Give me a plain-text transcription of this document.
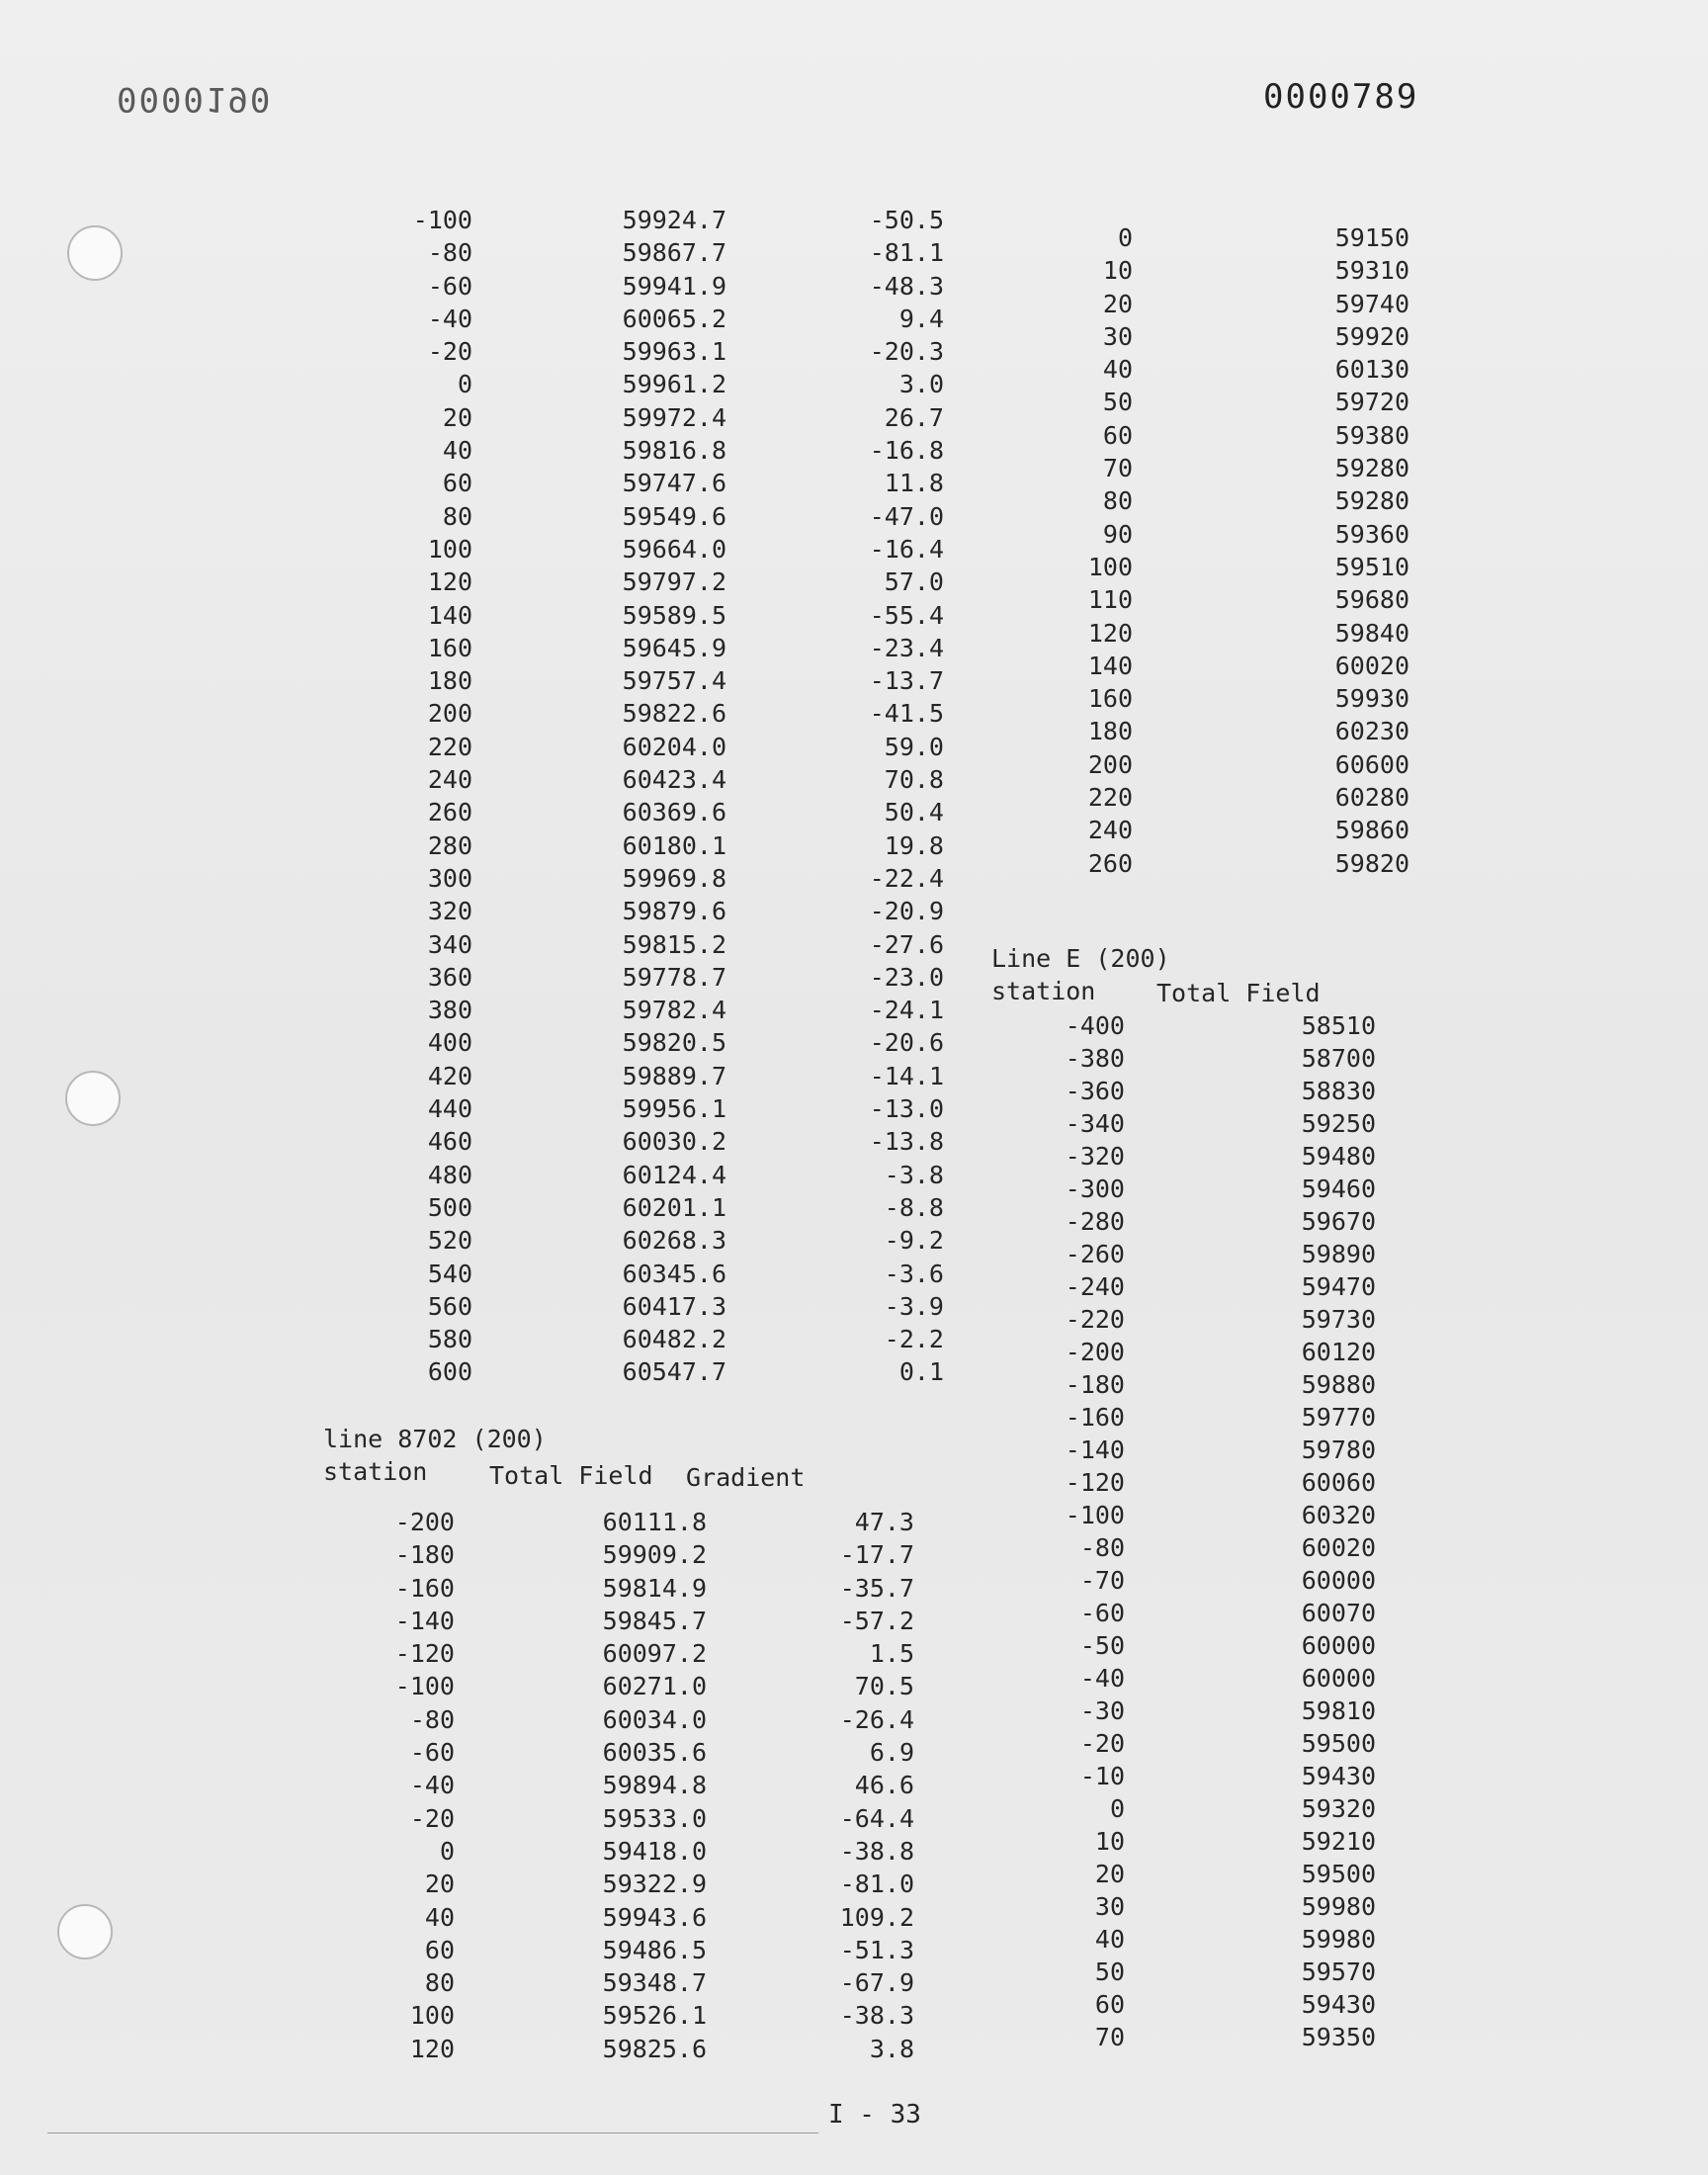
0000190	0000789
-100	59924.7	-50.5
-80	59867.7	-81.1
-60	59941.9	-48.3
-40	60065.2	9.4
-20	59963.1	-20.3
0	59961.2	3.0
20	59972.4	26.7
40	59816.8	-16.8
60	59747.6	11.8
80	59549.6	-47.0
100	59664.0	-16.4
120	59797.2	57.0
140	59589.5	-55.4
160	59645.9	-23.4
180	59757.4	-13.7
200	59822.6	-41.5
220	60204.0	59.0
240	60423.4	70.8
260	60369.6	50.4
280	60180.1	19.8
300	59969.8	-22.4
320	59879.6	-20.9
340	59815.2	-27.6
360	59778.7	-23.0
380	59782.4	-24.1
400	59820.5	-20.6
420	59889.7	-14.1
440	59956.1	-13.0
460	60030.2	-13.8
480	60124.4	-3.8
500	60201.1	-8.8
520	60268.3	-9.2
540	60345.6	-3.6
560	60417.3	-3.9
580	60482.2	-2.2
600	60547.7	0.1
line 8702 (200)
station	Total Field Gradient
-200	60111.8	47.3
-180	59909.2	-17.7
-160	59814.9	-35.7
-140	59845.7	-57.2
-120	60097.2	1.5
-100	60271.0	70.5
-80	60034.0	-26.4
-60	60035.6	6.9
-40	59894.8	46.6
-20	59533.0	-64.4
0	59418.0	-38.8
20	59322.9	-81.0
40	59943.6	109.2
60	59486.5	-51.3
80	59348.7	-67.9
100	59526.1	-38.3
120	59825.6	3.8
0	59150
10	59310
20	59740
30	59920
40	60130
50	59720
60	59380
70	59280
80	59280
90	59360
100	59510
110	59680
120	59840
140	60020
160	59930
180	60230
200	60600
220	60280
240	59860
260	59820
Line E (200)
station Total Field
-400	58510
-380	58700
-360	58830
-340	59250
-320	59480
-300	59460
-280	59670
-260	59890
-240	59470
-220	59730
-200	60120
-180	59880
-160	59770
-140	59780
-120	60060
-100	60320
-80	60020
-70	60000
-60	60070
-50	60000
-40	60000
-30	59810
-20	59500
-10	59430
0	59320
10	59210
20	59500
30	59980
40	59980
50	59570
60	59430
70	59350
I - 33
